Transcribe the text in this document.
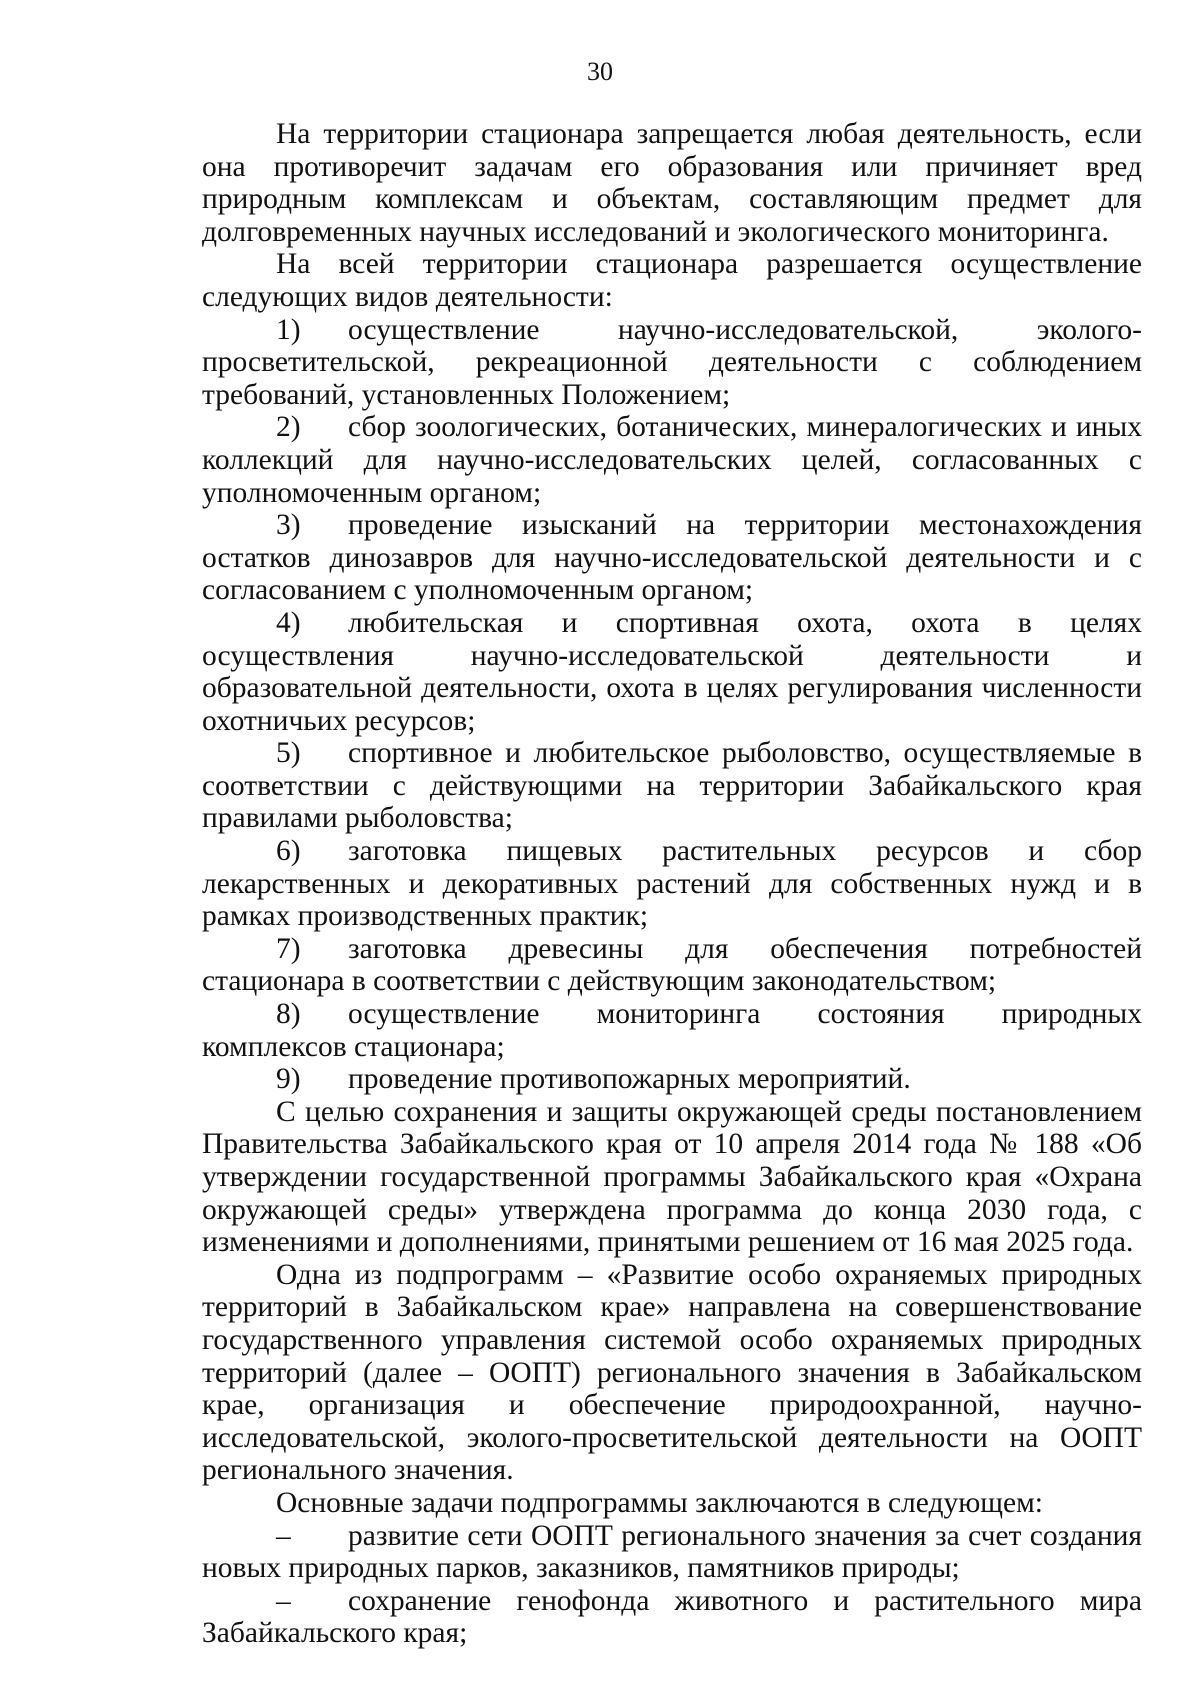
30

На территории стационара запрещается любая деятельность, если она противоречит задачам его образования или причиняет вред природным комплексам и объектам, составляющим предмет для долговременных научных исследований и экологического мониторинга.

На всей территории стационара разрешается осуществление следующих видов деятельности:

1) осуществление научно-исследовательской, эколого-просветительской, рекреационной деятельности с соблюдением требований, установленных Положением;

2) сбор зоологических, ботанических, минералогических и иных коллекций для научно-исследовательских целей, согласованных с уполномоченным органом;

3) проведение изысканий на территории местонахождения остатков динозавров для научно-исследовательской деятельности и с согласованием с уполномоченным органом;

4) любительская и спортивная охота, охота в целях осуществления научно-исследовательской деятельности и образовательной деятельности, охота в целях регулирования численности охотничьих ресурсов;

5) спортивное и любительское рыболовство, осуществляемые в соответствии с действующими на территории Забайкальского края правилами рыболовства;

6) заготовка пищевых растительных ресурсов и сбор лекарственных и декоративных растений для собственных нужд и в рамках производственных практик;

7) заготовка древесины для обеспечения потребностей стационара в соответствии с действующим законодательством;

8) осуществление мониторинга состояния природных комплексов стационара;

9) проведение противопожарных мероприятий.

С целью сохранения и защиты окружающей среды постановлением Правительства Забайкальского края от 10 апреля 2014 года № 188 «Об утверждении государственной программы Забайкальского края «Охрана окружающей среды» утверждена программа до конца 2030 года, с изменениями и дополнениями, принятыми решением от 16 мая 2025 года.

Одна из подпрограмм – «Развитие особо охраняемых природных территорий в Забайкальском крае» направлена на совершенствование государственного управления системой особо охраняемых природных территорий (далее – ООПТ) регионального значения в Забайкальском крае, организация и обеспечение природоохранной, научно-исследовательской, эколого-просветительской деятельности на ООПТ регионального значения.

Основные задачи подпрограммы заключаются в следующем:

– развитие сети ООПТ регионального значения за счет создания новых природных парков, заказников, памятников природы;

– сохранение генофонда животного и растительного мира Забайкальского края;
